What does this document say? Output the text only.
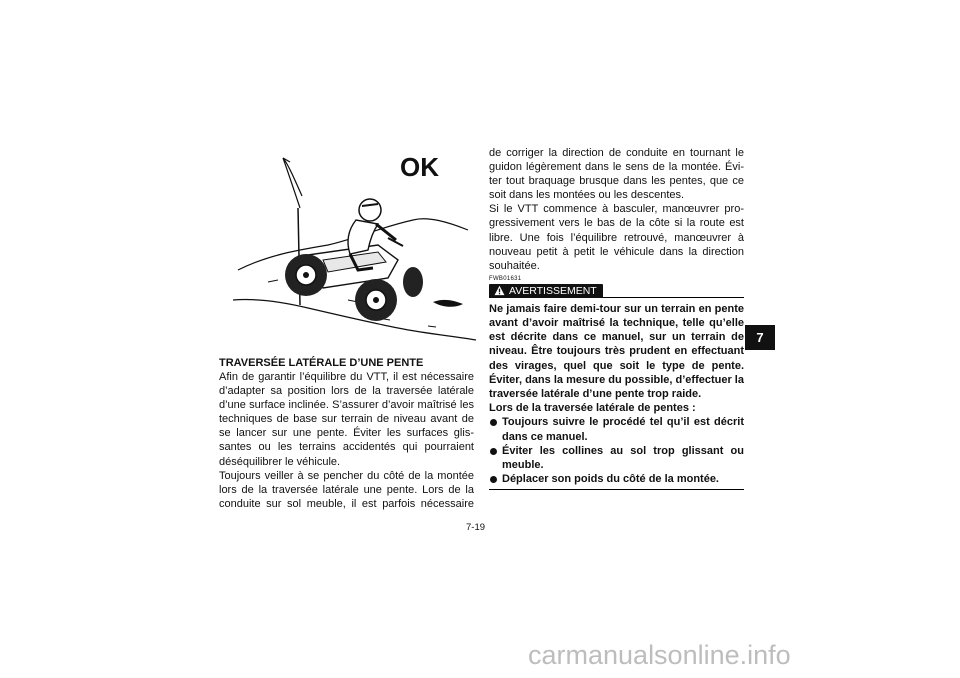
OK

TRAVERSÉE LATÉRALE D’UNE PENTE

Afin de garantir l’équilibre du VTT, il est nécessaire d’adapter sa position lors de la traversée latérale d’une surface inclinée. S’assurer d’avoir maîtrisé les techniques de base sur terrain de niveau avant de se lancer sur une pente. Éviter les surfaces glissantes ou les terrains accidentés qui pourraient déséquilibrer le véhicule.

Toujours veiller à se pencher du côté de la montée lors de la traversée latérale une pente. Lors de la conduite sur sol meuble, il est parfois nécessaire

de corriger la direction de conduite en tournant le guidon légèrement dans le sens de la montée. Éviter tout braquage brusque dans les pentes, que ce soit dans les montées ou les descentes.

Si le VTT commence à basculer, manœuvrer progressivement vers le bas de la côte si la route est libre. Une fois l’équilibre retrouvé, manœuvrer à nouveau petit à petit le véhicule dans la direction souhaitée.

FWB01631
AVERTISSEMENT

Ne jamais faire demi-tour sur un terrain en pente avant d’avoir maîtrisé la technique, telle qu’elle est décrite dans ce manuel, sur un terrain de niveau. Être toujours très prudent en effectuant des virages, quel que soit le type de pente. Éviter, dans la mesure du possible, d’effectuer la traversée latérale d’une pente trop raide.

Lors de la traversée latérale de pentes :

Toujours suivre le procédé tel qu’il est décrit dans ce manuel.
Éviter les collines au sol trop glissant ou meuble.
Déplacer son poids du côté de la montée.
7
7-19
carmanualsonline.info
